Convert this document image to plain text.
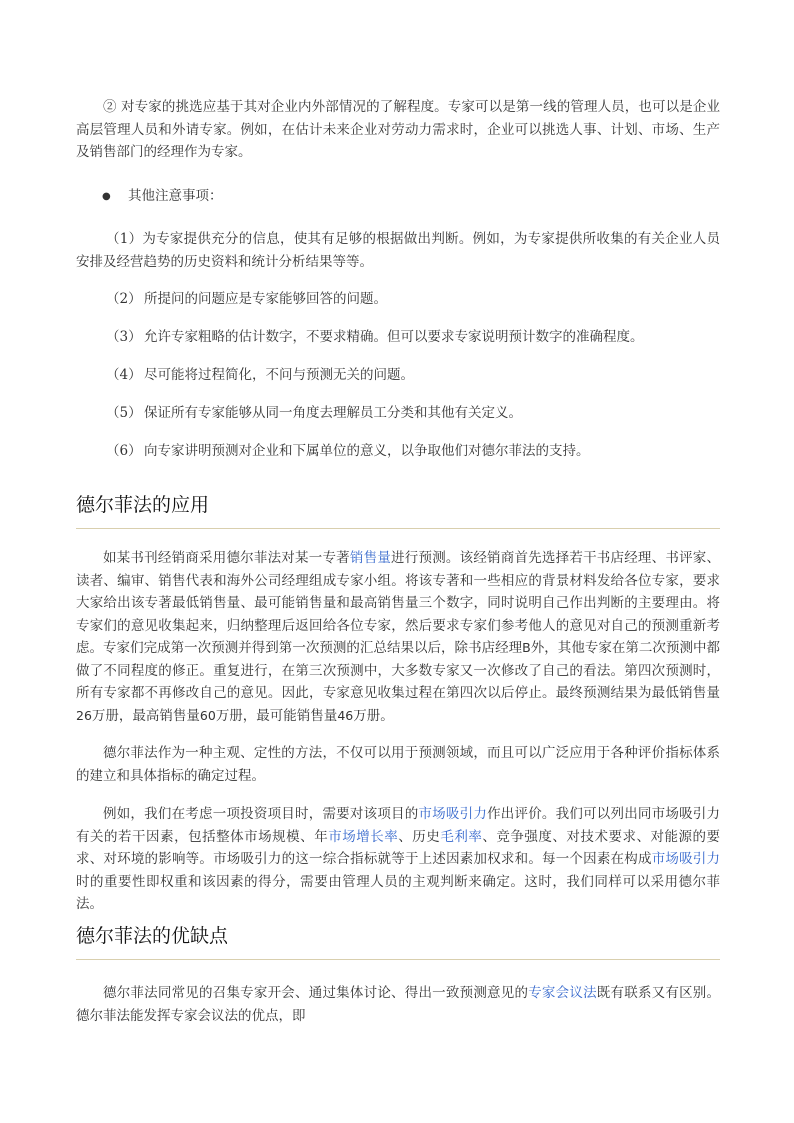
② 对专家的挑选应基于其对企业内外部情况的了解程度。专家可以是第一线的管理人员，也可以是企业高层管理人员和外请专家。例如，在估计未来企业对劳动力需求时，企业可以挑选人事、计划、市场、生产及销售部门的经理作为专家。

● 其他注意事项：

（1）为专家提供充分的信息，使其有足够的根据做出判断。例如，为专家提供所收集的有关企业人员安排及经营趋势的历史资料和统计分析结果等等。

（2） 所提问的问题应是专家能够回答的问题。
（3） 允许专家粗略的估计数字，不要求精确。但可以要求专家说明预计数字的准确程度。
（4） 尽可能将过程简化，不问与预测无关的问题。
（5） 保证所有专家能够从同一角度去理解员工分类和其他有关定义。
（6） 向专家讲明预测对企业和下属单位的意义，以争取他们对德尔菲法的支持。
德尔菲法的应用

如某书刊经销商采用德尔菲法对某一专著销售量进行预测。该经销商首先选择若干书店经理、书评家、读者、编审、销售代表和海外公司经理组成专家小组。将该专著和一些相应的背景材料发给各位专家，要求大家给出该专著最低销售量、最可能销售量和最高销售量三个数字，同时说明自己作出判断的主要理由。将专家们的意见收集起来，归纳整理后返回给各位专家，然后要求专家们参考他人的意见对自己的预测重新考虑。专家们完成第一次预测并得到第一次预测的汇总结果以后，除书店经理B外，其他专家在第二次预测中都做了不同程度的修正。重复进行，在第三次预测中，大多数专家又一次修改了自己的看法。第四次预测时，所有专家都不再修改自己的意见。因此，专家意见收集过程在第四次以后停止。最终预测结果为最低销售量26万册，最高销售量60万册，最可能销售量46万册。

德尔菲法作为一种主观、定性的方法，不仅可以用于预测领域，而且可以广泛应用于各种评价指标体系的建立和具体指标的确定过程。

例如，我们在考虑一项投资项目时，需要对该项目的市场吸引力作出评价。我们可以列出同市场吸引力有关的若干因素，包括整体市场规模、年市场增长率、历史毛利率、竞争强度、对技术要求、对能源的要求、对环境的影响等。市场吸引力的这一综合指标就等于上述因素加权求和。每一个因素在构成市场吸引力时的重要性即权重和该因素的得分，需要由管理人员的主观判断来确定。这时，我们同样可以采用德尔菲法。

德尔菲法的优缺点

德尔菲法同常见的召集专家开会、通过集体讨论、得出一致预测意见的专家会议法既有联系又有区别。德尔菲法能发挥专家会议法的优点，即
